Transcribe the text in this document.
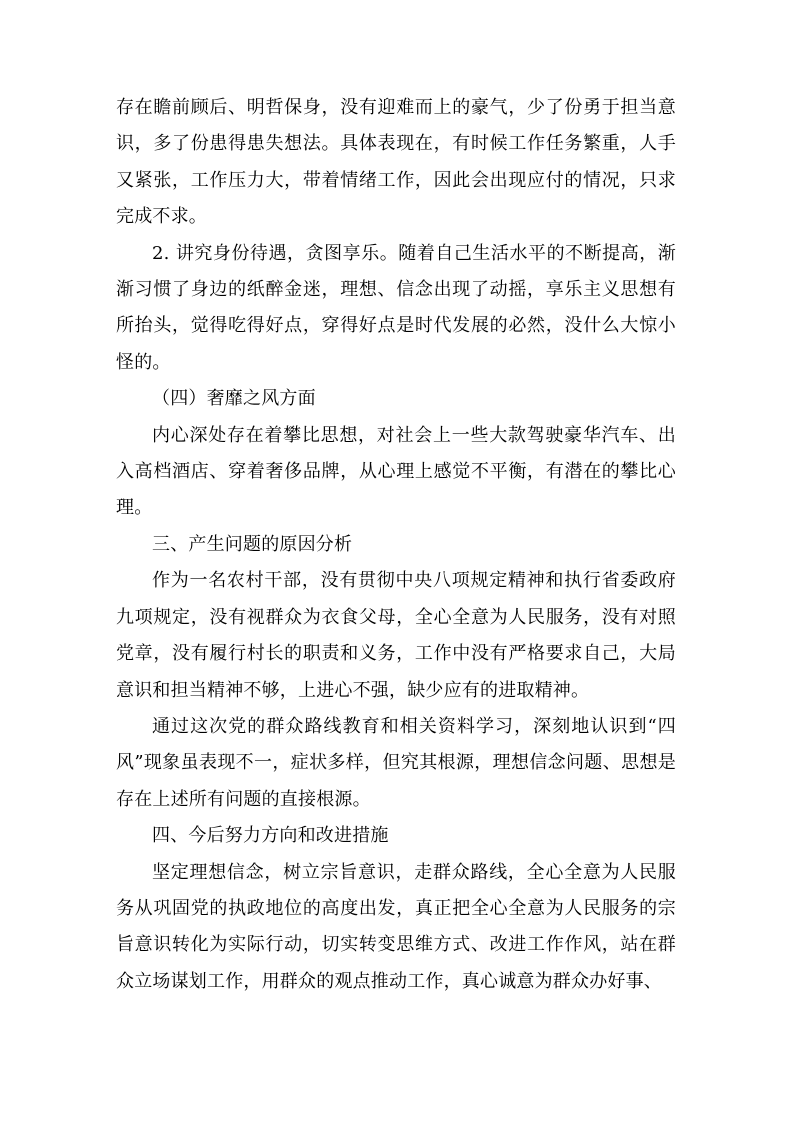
存在瞻前顾后、明哲保身，没有迎难而上的豪气，少了份勇于担当意识，多了份患得患失想法。具体表现在，有时候工作任务繁重，人手又紧张，工作压力大，带着情绪工作，因此会出现应付的情况，只求完成不求。

2. 讲究身份待遇，贪图享乐。随着自己生活水平的不断提高，渐渐习惯了身边的纸醉金迷，理想、信念出现了动摇，享乐主义思想有所抬头，觉得吃得好点，穿得好点是时代发展的必然，没什么大惊小怪的。

（四）奢靡之风方面

内心深处存在着攀比思想，对社会上一些大款驾驶豪华汽车、出入高档酒店、穿着奢侈品牌，从心理上感觉不平衡，有潜在的攀比心理。

三、产生问题的原因分析

作为一名农村干部，没有贯彻中央八项规定精神和执行省委政府九项规定，没有视群众为衣食父母，全心全意为人民服务，没有对照党章，没有履行村长的职责和义务，工作中没有严格要求自己，大局意识和担当精神不够，上进心不强，缺少应有的进取精神。

通过这次党的群众路线教育和相关资料学习，深刻地认识到“四风”现象虽表现不一，症状多样，但究其根源，理想信念问题、思想是存在上述所有问题的直接根源。

四、今后努力方向和改进措施

坚定理想信念，树立宗旨意识，走群众路线，全心全意为人民服务从巩固党的执政地位的高度出发，真正把全心全意为人民服务的宗旨意识转化为实际行动，切实转变思维方式、改进工作作风，站在群众立场谋划工作，用群众的观点推动工作，真心诚意为群众办好事、
